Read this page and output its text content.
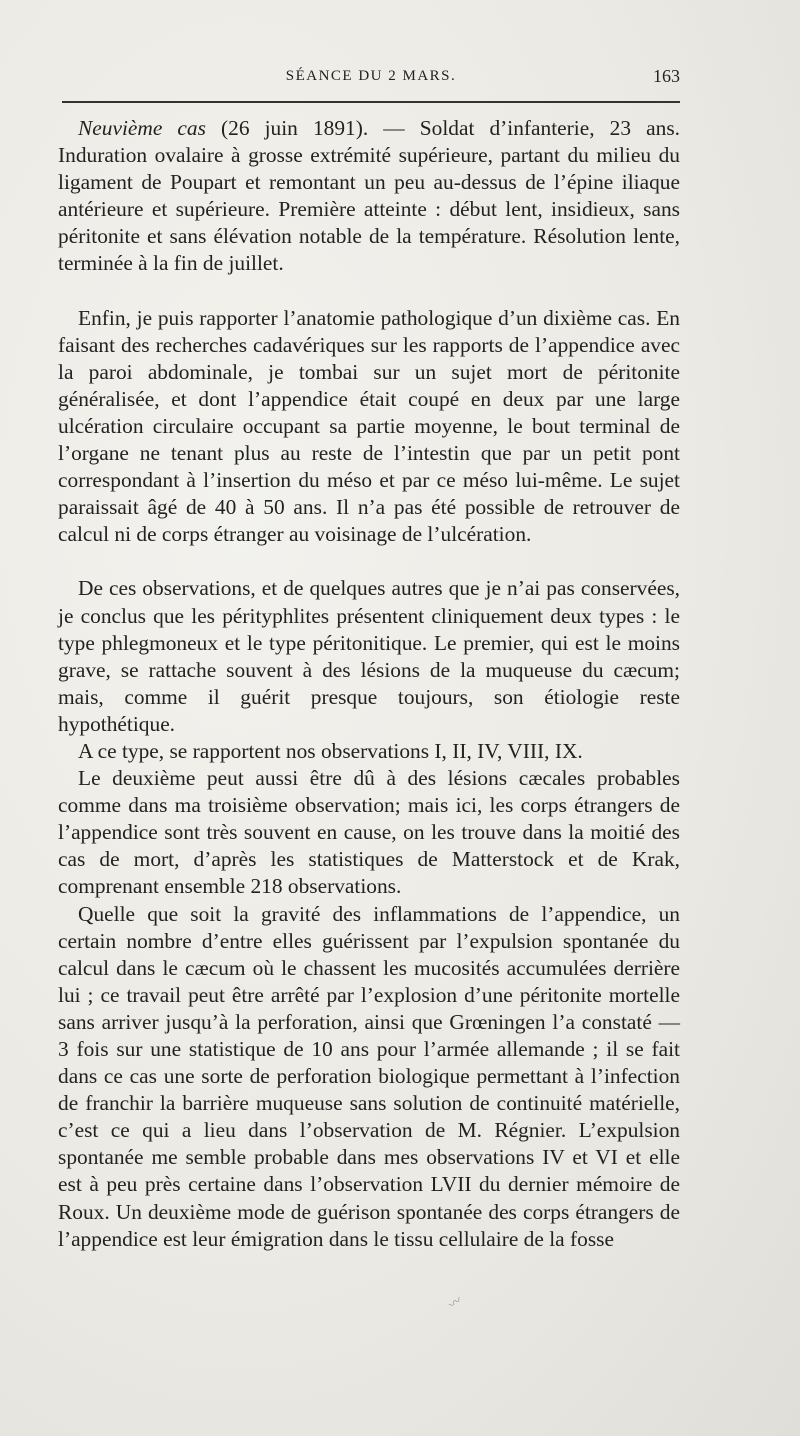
SÉANCE DU 2 MARS.	163

Neuvième cas (26 juin 1891). — Soldat d’infanterie, 23 ans. Induration ovalaire à grosse extrémité supérieure, partant du milieu du ligament de Poupart et remontant un peu au-dessus de l’épine iliaque antérieure et supérieure. Première atteinte : début lent, insidieux, sans péritonite et sans élévation notable de la température. Résolution lente, terminée à la fin de juillet.

Enfin, je puis rapporter l’anatomie pathologique d’un dixième cas. En faisant des recherches cadavériques sur les rapports de l’appendice avec la paroi abdominale, je tombai sur un sujet mort de péritonite généralisée, et dont l’appendice était coupé en deux par une large ulcération circulaire occupant sa partie moyenne, le bout terminal de l’organe ne tenant plus au reste de l’intestin que par un petit pont correspondant à l’insertion du méso et par ce méso lui-même. Le sujet paraissait âgé de 40 à 50 ans. Il n’a pas été possible de retrouver de calcul ni de corps étranger au voisinage de l’ulcération.

De ces observations, et de quelques autres que je n’ai pas conservées, je conclus que les pérityphlites présentent cliniquement deux types : le type phlegmoneux et le type péritonitique. Le premier, qui est le moins grave, se rattache souvent à des lésions de la muqueuse du cæcum; mais, comme il guérit presque toujours, son étiologie reste hypothétique.

A ce type, se rapportent nos observations I, II, IV, VIII, IX.

Le deuxième peut aussi être dû à des lésions cæcales probables comme dans ma troisième observation; mais ici, les corps étrangers de l’appendice sont très souvent en cause, on les trouve dans la moitié des cas de mort, d’après les statistiques de Matterstock et de Krak, comprenant ensemble 218 observations.

Quelle que soit la gravité des inflammations de l’appendice, un certain nombre d’entre elles guérissent par l’expulsion spontanée du calcul dans le cæcum où le chassent les mucosités accumulées derrière lui ; ce travail peut être arrêté par l’explosion d’une péritonite mortelle sans arriver jusqu’à la perforation, ainsi que Grœningen l’a constaté — 3 fois sur une statistique de 10 ans pour l’armée allemande ; il se fait dans ce cas une sorte de perforation biologique permettant à l’infection de franchir la barrière muqueuse sans solution de continuité matérielle, c’est ce qui a lieu dans l’observation de M. Régnier. L’expulsion spontanée me semble probable dans mes observations IV et VI et elle est à peu près certaine dans l’observation LVII du dernier mémoire de Roux. Un deuxième mode de guérison spontanée des corps étrangers de l’appendice est leur émigration dans le tissu cellulaire de la fosse

〰
